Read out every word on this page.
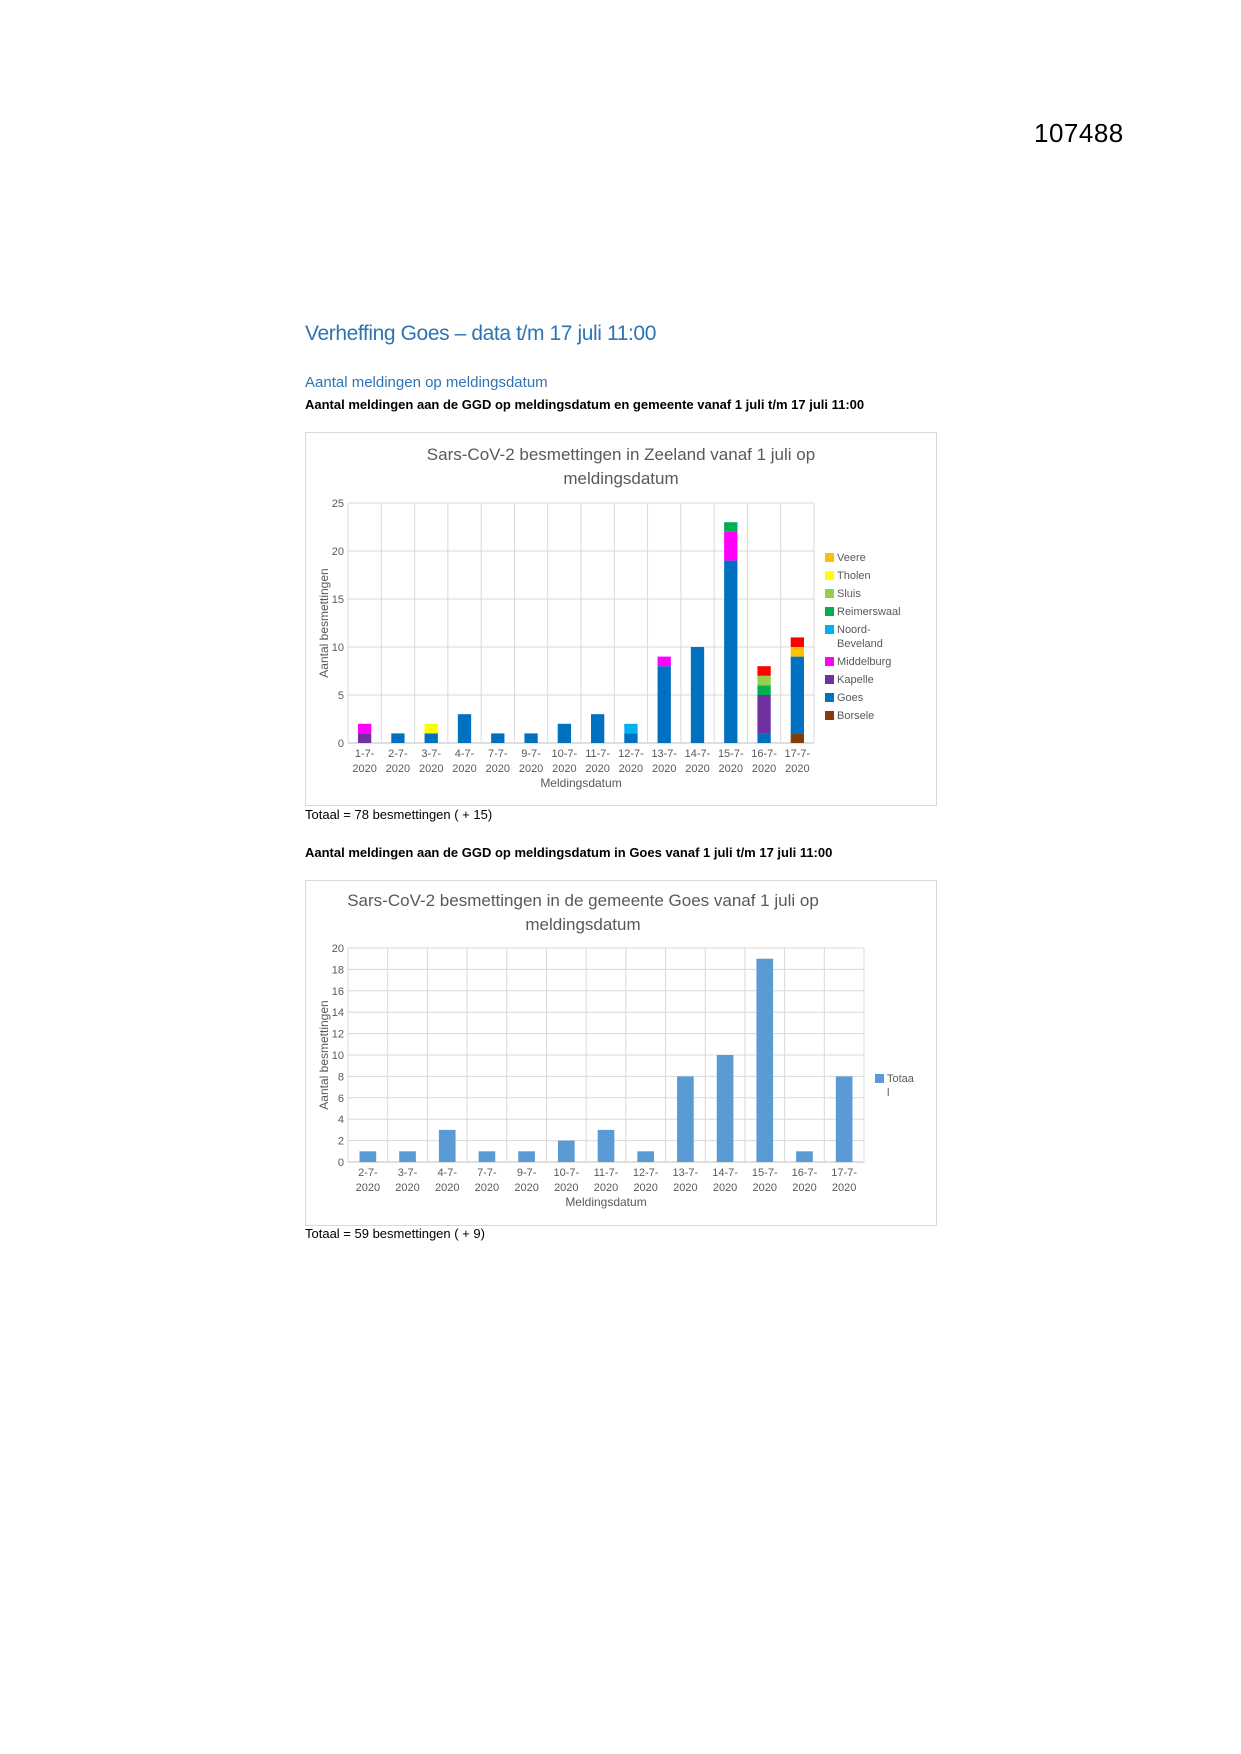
107488
Verheffing Goes – data t/m 17 juli 11:00
Aantal meldingen op meldingsdatum
Aantal meldingen aan de GGD op meldingsdatum en gemeente vanaf 1 juli t/m 17 juli 11:00
Sars-CoV-2 besmettingen in Zeeland vanaf 1 juli op
meldingsdatum
0
5
10
15
20
25
1-7-
2020
2-7-
2020
3-7-
2020
4-7-
2020
7-7-
2020
9-7-
2020
10-7-
2020
11-7-
2020
12-7-
2020
13-7-
2020
14-7-
2020
15-7-
2020
16-7-
2020
17-7-
2020
Meldingsdatum
Aantal besmettingen
Veere
Tholen
Sluis
Reimerswaal
Noord-
Beveland
Middelburg
Kapelle
Goes
Borsele
Totaal = 78 besmettingen ( + 15)
Aantal meldingen aan de GGD op meldingsdatum in Goes vanaf 1 juli t/m 17 juli 11:00
Sars-CoV-2 besmettingen in de gemeente Goes vanaf 1 juli op
meldingsdatum
0
2
4
6
8
10
12
14
16
18
20
2-7-
2020
3-7-
2020
4-7-
2020
7-7-
2020
9-7-
2020
10-7-
2020
11-7-
2020
12-7-
2020
13-7-
2020
14-7-
2020
15-7-
2020
16-7-
2020
17-7-
2020
Meldingsdatum
Aantal besmettingen	Totaa
l
Totaal = 59 besmettingen ( + 9)
